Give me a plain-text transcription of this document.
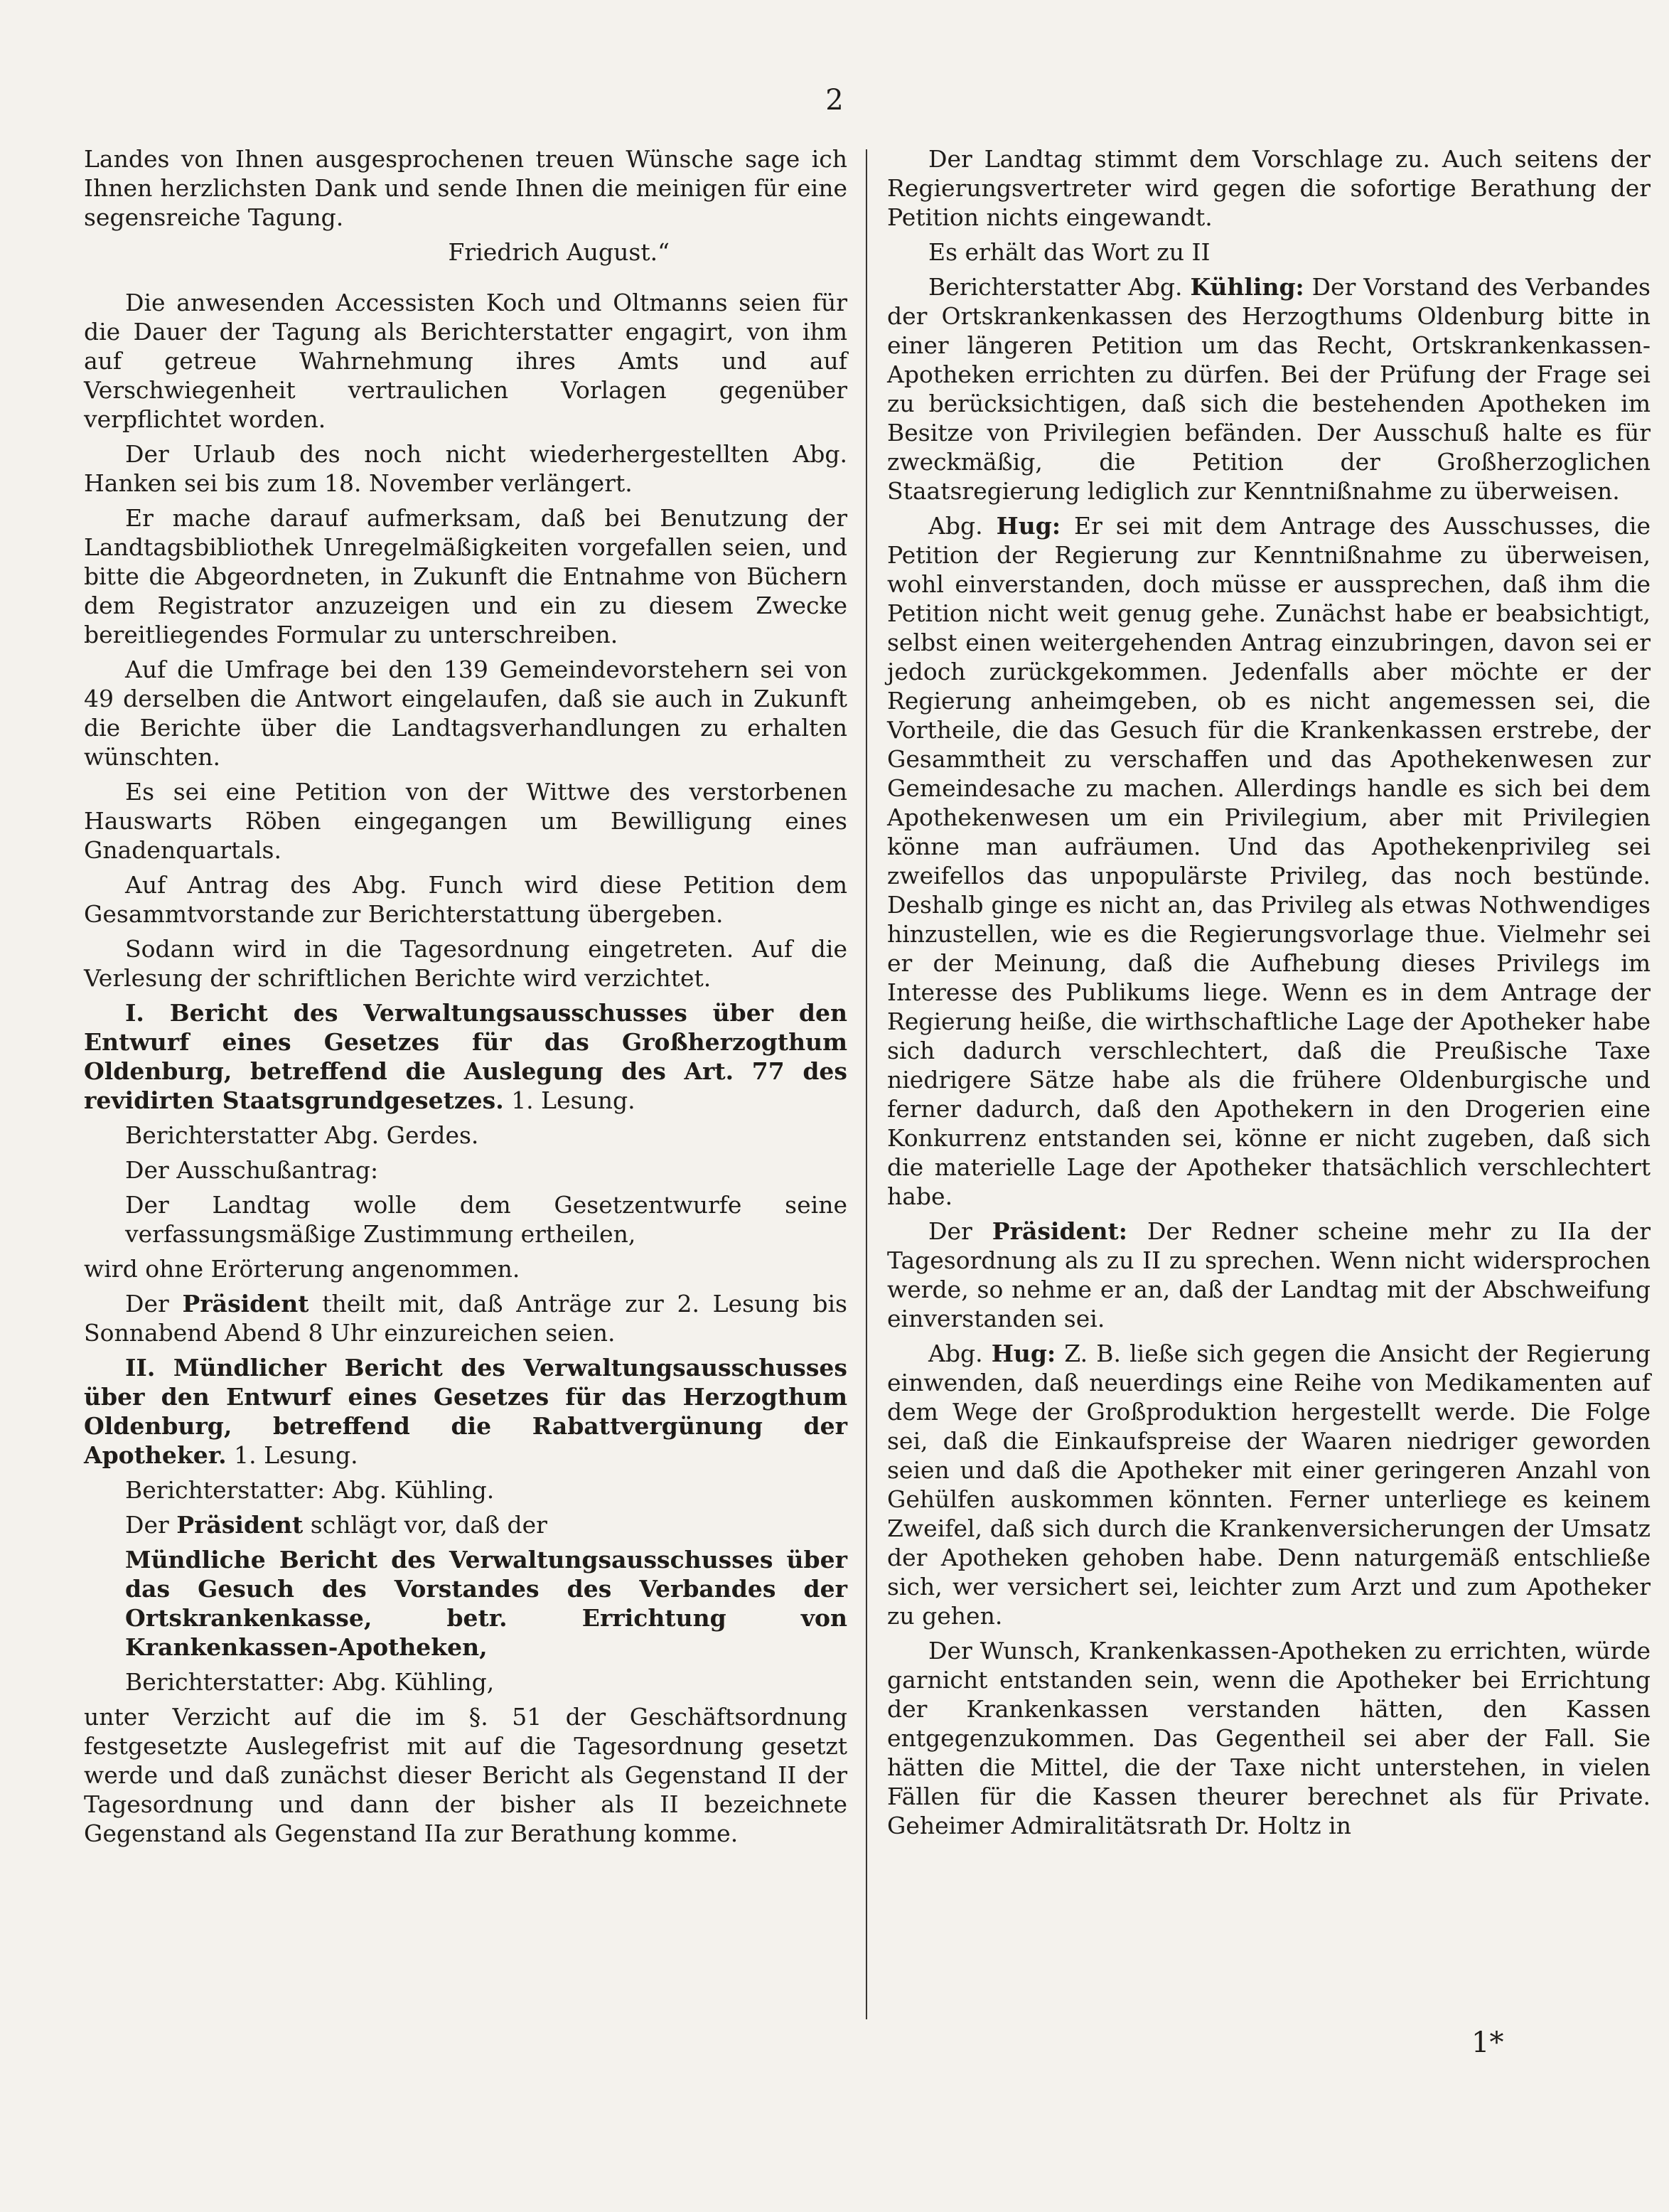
2

Landes von Ihnen ausgesprochenen treuen Wünsche sage ich Ihnen herzlichsten Dank und sende Ihnen die meinigen für eine segensreiche Tagung.

Friedrich August.“

Die anwesenden Accessisten Koch und Oltmanns seien für die Dauer der Tagung als Berichterstatter engagirt, von ihm auf getreue Wahrnehmung ihres Amts und auf Verschwiegenheit vertraulichen Vorlagen gegenüber verpflichtet worden.

Der Urlaub des noch nicht wiederhergestellten Abg. Hanken sei bis zum 18. November verlängert.

Er mache darauf aufmerksam, daß bei Benutzung der Landtagsbibliothek Unregelmäßigkeiten vorgefallen seien, und bitte die Abgeordneten, in Zukunft die Entnahme von Büchern dem Registrator anzuzeigen und ein zu diesem Zwecke bereitliegendes Formular zu unterschreiben.

Auf die Umfrage bei den 139 Gemeindevorstehern sei von 49 derselben die Antwort eingelaufen, daß sie auch in Zukunft die Berichte über die Landtagsverhandlungen zu erhalten wünschten.

Es sei eine Petition von der Wittwe des verstorbenen Hauswarts Röben eingegangen um Bewilligung eines Gnadenquartals.

Auf Antrag des Abg. Funch wird diese Petition dem Gesammtvorstande zur Berichterstattung übergeben.

Sodann wird in die Tagesordnung eingetreten. Auf die Verlesung der schriftlichen Berichte wird verzichtet.

I. Bericht des Verwaltungsausschusses über den Entwurf eines Gesetzes für das Großherzogthum Oldenburg, betreffend die Auslegung des Art. 77 des revidirten Staatsgrundgesetzes. 1. Lesung.

Berichterstatter Abg. Gerdes.

Der Ausschußantrag:

Der Landtag wolle dem Gesetzentwurfe seine verfassungsmäßige Zustimmung ertheilen,

wird ohne Erörterung angenommen.

Der Präsident theilt mit, daß Anträge zur 2. Lesung bis Sonnabend Abend 8 Uhr einzureichen seien.

II. Mündlicher Bericht des Verwaltungsausschusses über den Entwurf eines Gesetzes für das Herzogthum Oldenburg, betreffend die Rabattvergünung der Apotheker. 1. Lesung.

Berichterstatter: Abg. Kühling.

Der Präsident schlägt vor, daß der

Mündliche Bericht des Verwaltungsausschusses über das Gesuch des Vorstandes des Verbandes der Ortskrankenkasse, betr. Errichtung von Krankenkassen-Apotheken,

Berichterstatter: Abg. Kühling,

unter Verzicht auf die im §. 51 der Geschäftsordnung festgesetzte Auslegefrist mit auf die Tagesordnung gesetzt werde und daß zunächst dieser Bericht als Gegenstand II der Tagesordnung und dann der bisher als II bezeichnete Gegenstand als Gegenstand IIa zur Berathung komme.

Der Landtag stimmt dem Vorschlage zu. Auch seitens der Regierungsvertreter wird gegen die sofortige Berathung der Petition nichts eingewandt.

Es erhält das Wort zu II

Berichterstatter Abg. Kühling: Der Vorstand des Verbandes der Ortskrankenkassen des Herzogthums Oldenburg bitte in einer längeren Petition um das Recht, Ortskrankenkassen-Apotheken errichten zu dürfen. Bei der Prüfung der Frage sei zu berücksichtigen, daß sich die bestehenden Apotheken im Besitze von Privilegien befänden. Der Ausschuß halte es für zweckmäßig, die Petition der Großherzoglichen Staatsregierung lediglich zur Kenntnißnahme zu überweisen.

Abg. Hug: Er sei mit dem Antrage des Ausschusses, die Petition der Regierung zur Kenntnißnahme zu überweisen, wohl einverstanden, doch müsse er aussprechen, daß ihm die Petition nicht weit genug gehe. Zunächst habe er beabsichtigt, selbst einen weitergehenden Antrag einzubringen, davon sei er jedoch zurückgekommen. Jedenfalls aber möchte er der Regierung anheimgeben, ob es nicht angemessen sei, die Vortheile, die das Gesuch für die Krankenkassen erstrebe, der Gesammtheit zu verschaffen und das Apothekenwesen zur Gemeindesache zu machen. Allerdings handle es sich bei dem Apothekenwesen um ein Privilegium, aber mit Privilegien könne man aufräumen. Und das Apothekenprivileg sei zweifellos das unpopulärste Privileg, das noch bestünde. Deshalb ginge es nicht an, das Privileg als etwas Nothwendiges hinzustellen, wie es die Regierungsvorlage thue. Vielmehr sei er der Meinung, daß die Aufhebung dieses Privilegs im Interesse des Publikums liege. Wenn es in dem Antrage der Regierung heiße, die wirthschaftliche Lage der Apotheker habe sich dadurch verschlechtert, daß die Preußische Taxe niedrigere Sätze habe als die frühere Oldenburgische und ferner dadurch, daß den Apothekern in den Drogerien eine Konkurrenz entstanden sei, könne er nicht zugeben, daß sich die materielle Lage der Apotheker thatsächlich verschlechtert habe.

Der Präsident: Der Redner scheine mehr zu IIa der Tagesordnung als zu II zu sprechen. Wenn nicht widersprochen werde, so nehme er an, daß der Landtag mit der Abschweifung einverstanden sei.

Abg. Hug: Z. B. ließe sich gegen die Ansicht der Regierung einwenden, daß neuerdings eine Reihe von Medikamenten auf dem Wege der Großproduktion hergestellt werde. Die Folge sei, daß die Einkaufspreise der Waaren niedriger geworden seien und daß die Apotheker mit einer geringeren Anzahl von Gehülfen auskommen könnten. Ferner unterliege es keinem Zweifel, daß sich durch die Krankenversicherungen der Umsatz der Apotheken gehoben habe. Denn naturgemäß entschließe sich, wer versichert sei, leichter zum Arzt und zum Apotheker zu gehen.

Der Wunsch, Krankenkassen-Apotheken zu errichten, würde garnicht entstanden sein, wenn die Apotheker bei Errichtung der Krankenkassen verstanden hätten, den Kassen entgegenzukommen. Das Gegentheil sei aber der Fall. Sie hätten die Mittel, die der Taxe nicht unterstehen, in vielen Fällen für die Kassen theurer berechnet als für Private. Geheimer Admiralitätsrath Dr. Holtz in

1*
